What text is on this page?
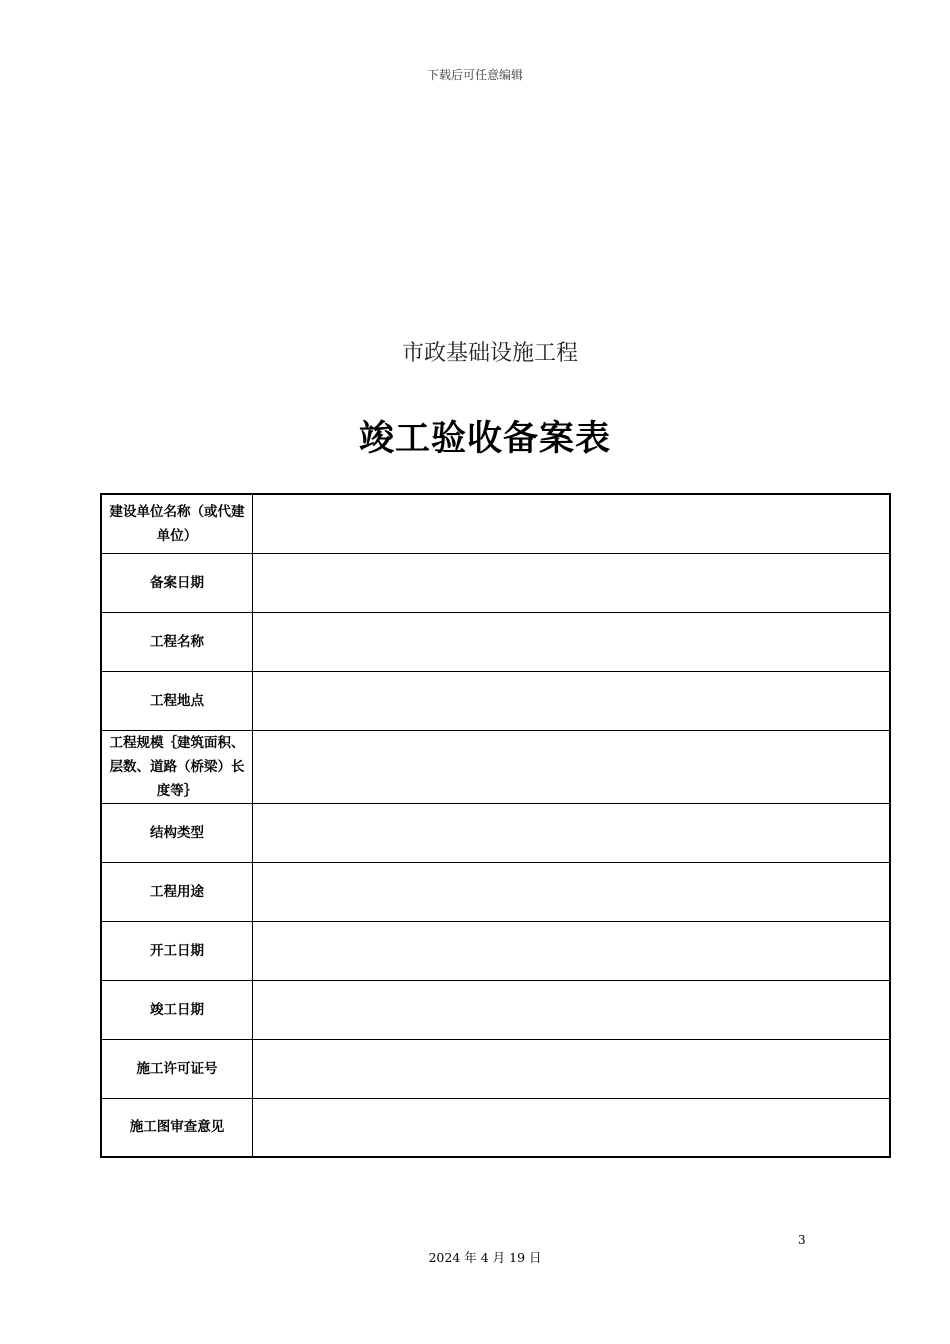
下载后可任意编辑
市政基础设施工程
竣工验收备案表
建设单位名称（或代建单位）	
备案日期	
工程名称	
工程地点	
工程规模｛建筑面积、层数、道路（桥梁）长度等｝	
结构类型	
工程用途	
开工日期	
竣工日期	
施工许可证号	
施工图审查意见	
3
2024 年 4 月 19 日
